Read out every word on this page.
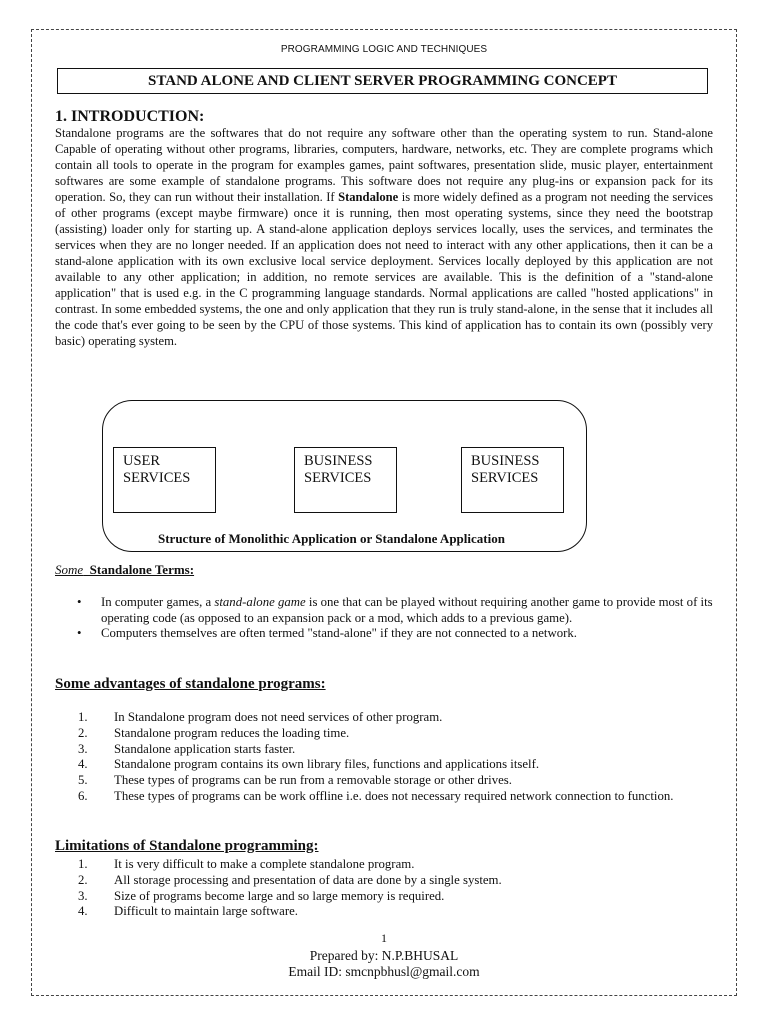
PROGRAMMING LOGIC AND TECHNIQUES
STAND ALONE AND CLIENT SERVER PROGRAMMING CONCEPT
1. INTRODUCTION:
Standalone programs are the softwares that do not require any software other than the operating system to run. Stand-alone Capable of operating without other programs, libraries, computers, hardware, networks, etc. They are complete programs which contain all tools to operate in the program for examples games, paint softwares, presentation slide, music player, entertainment softwares are some example of standalone programs. This software does not require any plug-ins or expansion pack for its operation. So, they can run without their installation. If Standalone is more widely defined as a program not needing the services of other programs (except maybe firmware) once it is running, then most operating systems, since they need the bootstrap (assisting) loader only for starting up. A stand-alone application deploys services locally, uses the services, and terminates the services when they are no longer needed. If an application does not need to interact with any other applications, then it can be a stand-alone application with its own exclusive local service deployment. Services locally deployed by this application are not available to any other application; in addition, no remote services are available. This is the definition of a "stand-alone application" that is used e.g. in the C programming language standards. Normal applications are called "hosted applications" in contrast. In some embedded systems, the one and only application that they run is truly stand-alone, in the sense that it includes all the code that's ever going to be seen by the CPU of those systems. This kind of application has to contain its own (possibly very basic) operating system.
USER
SERVICES
BUSINESS
SERVICES
BUSINESS
SERVICES
Structure of Monolithic Application or Standalone Application
Some  Standalone Terms:
• In computer games, a stand-alone game is one that can be played without requiring another game to provide most of its operating code (as opposed to an expansion pack or a mod, which adds to a previous game).
• Computers themselves are often termed "stand-alone" if they are not connected to a network.
Some advantages of standalone programs:
1. In Standalone program does not need services of other program.
2. Standalone program reduces the loading time.
3. Standalone application starts faster.
4. Standalone program contains its own library files, functions and applications itself.
5. These types of programs can be run from a removable storage or other drives.
6. These types of programs can be work offline i.e. does not necessary required network connection to function.
Limitations of Standalone programming:
1. It is very difficult to make a complete standalone program.
2. All storage processing and presentation of data are done by a single system.
3. Size of programs become large and so large memory is required.
4. Difficult to maintain large software.
1
Prepared by: N.P.BHUSAL
Email ID: smcnpbhusl@gmail.com
